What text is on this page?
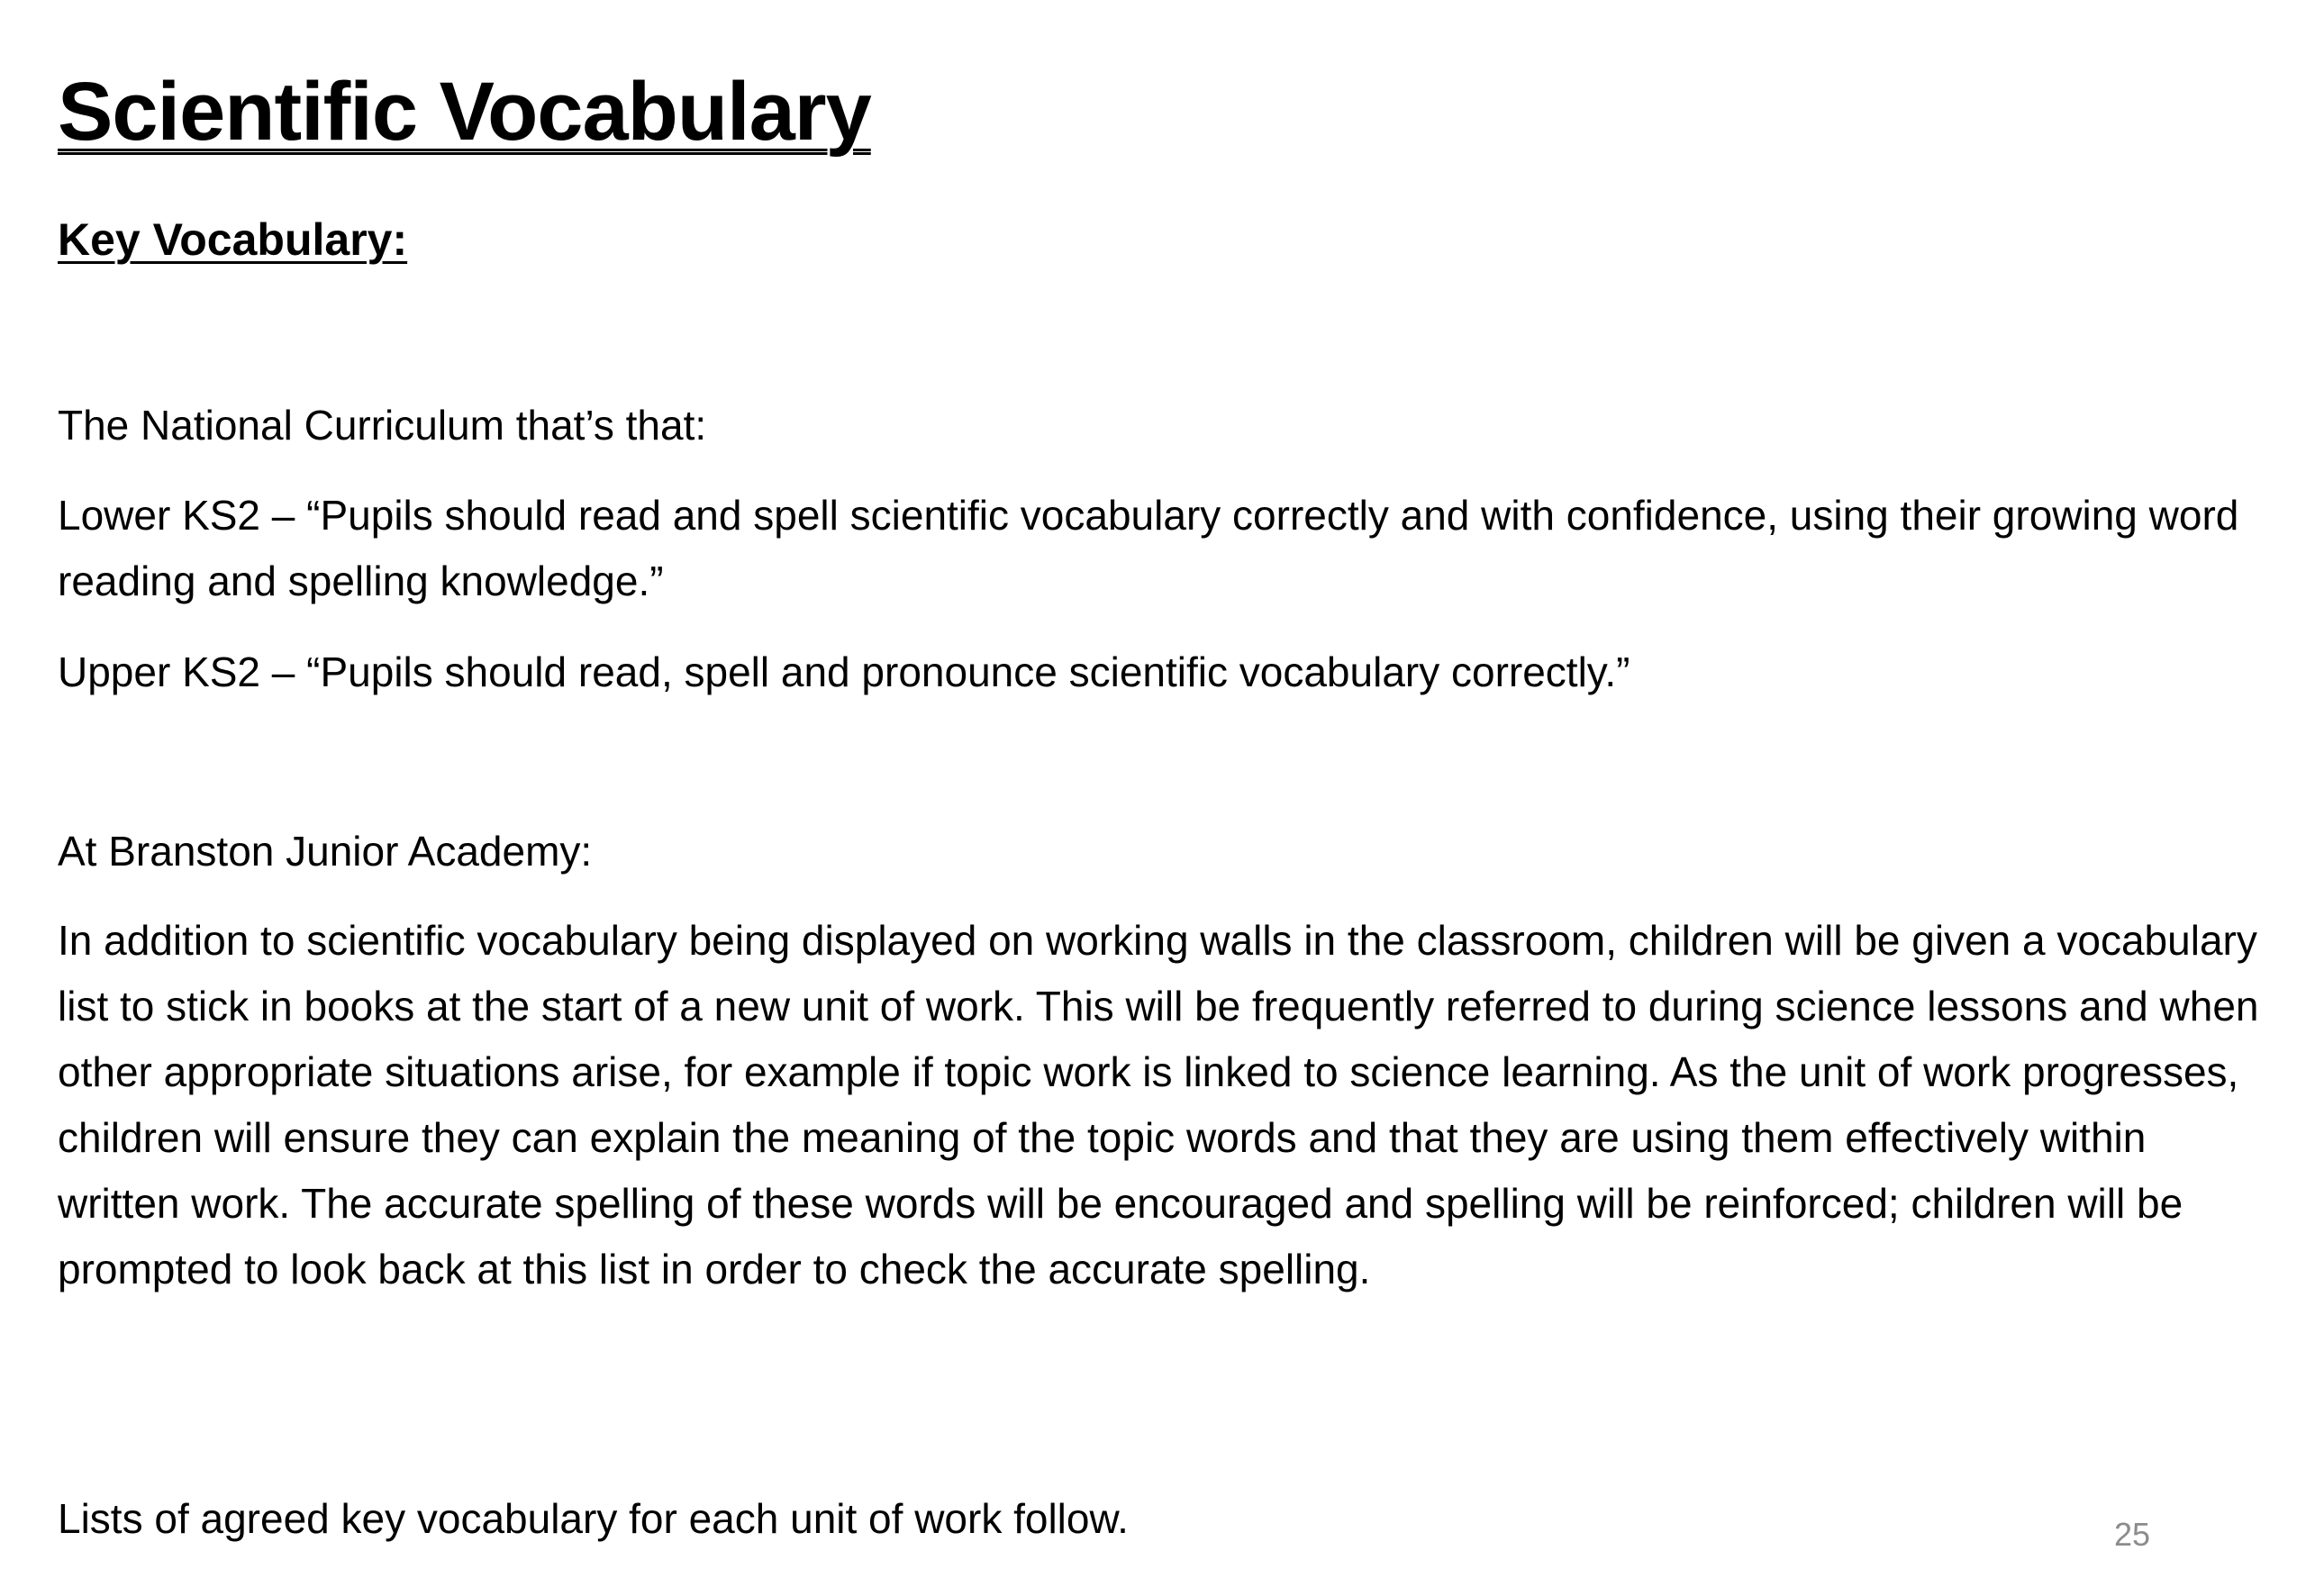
Scientific Vocabulary
Key Vocabulary:

The National Curriculum that’s that:

Lower KS2 – “Pupils should read and spell scientific vocabulary correctly and with confidence, using their growing word reading and spelling knowledge.”

Upper KS2 – “Pupils should read, spell and pronounce scientific vocabulary correctly.”

At Branston Junior Academy:

In addition to scientific vocabulary being displayed on working walls in the classroom, children will be given a vocabulary list to stick in books at the start of a new unit of work. This will be frequently referred to during science lessons and when other appropriate situations arise, for example if topic work is linked to science learning. As the unit of work progresses, children will ensure they can explain the meaning of the topic words and that they are using them effectively within written work. The accurate spelling of these words will be encouraged and spelling will be reinforced; children will be prompted to look back at this list in order to check the accurate spelling.

Lists of agreed key vocabulary for each unit of work follow.	25
